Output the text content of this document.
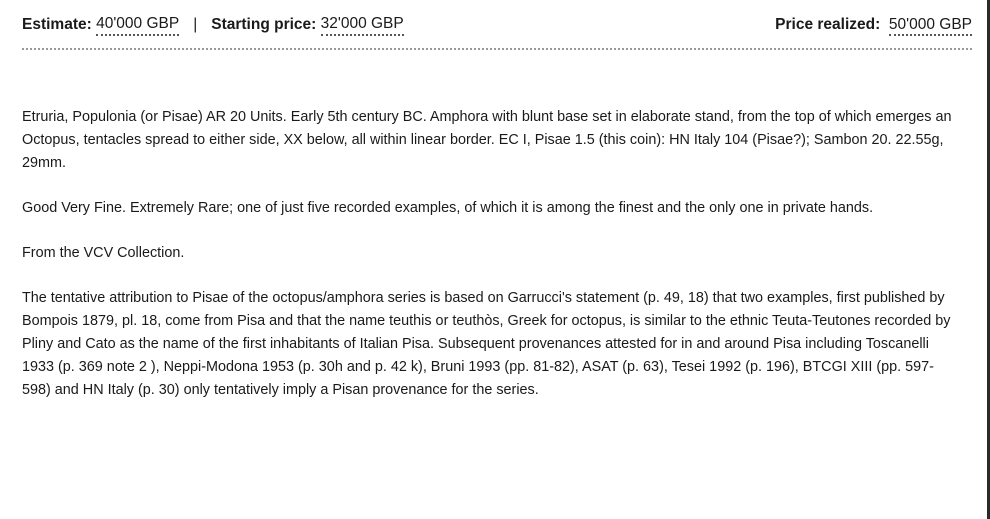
Estimate:
40'000 GBP | Starting price:
32'000 GBP	Price realized: 50'000 GBP

Etruria, Populonia (or Pisae) AR 20 Units. Early 5th century BC. Amphora with blunt base set in elaborate stand, from the top of which emerges an Octopus, tentacles spread to either side, XX below, all within linear border. EC I, Pisae 1.5 (this coin): HN Italy 104 (Pisae?); Sambon 20. 22.55g, 29mm.

Good Very Fine. Extremely Rare; one of just five recorded examples, of which it is among the finest and the only one in private hands.

From the VCV Collection.

The tentative attribution to Pisae of the octopus/amphora series is based on Garrucci's statement (p. 49, 18) that two examples, first published by Bompois 1879, pl. 18, come from Pisa and that the name teuthis or teuthòs, Greek for octopus, is similar to the ethnic Teuta-Teutones recorded by Pliny and Cato as the name of the first inhabitants of Italian Pisa. Subsequent provenances attested for in and around Pisa including Toscanelli 1933 (p. 369 note 2 ), Neppi-Modona 1953 (p. 30h and p. 42 k), Bruni 1993 (pp. 81-82), ASAT (p. 63), Tesei 1992 (p. 196), BTCGI XIII (pp. 597-598) and HN Italy (p. 30) only tentatively imply a Pisan provenance for the series.
